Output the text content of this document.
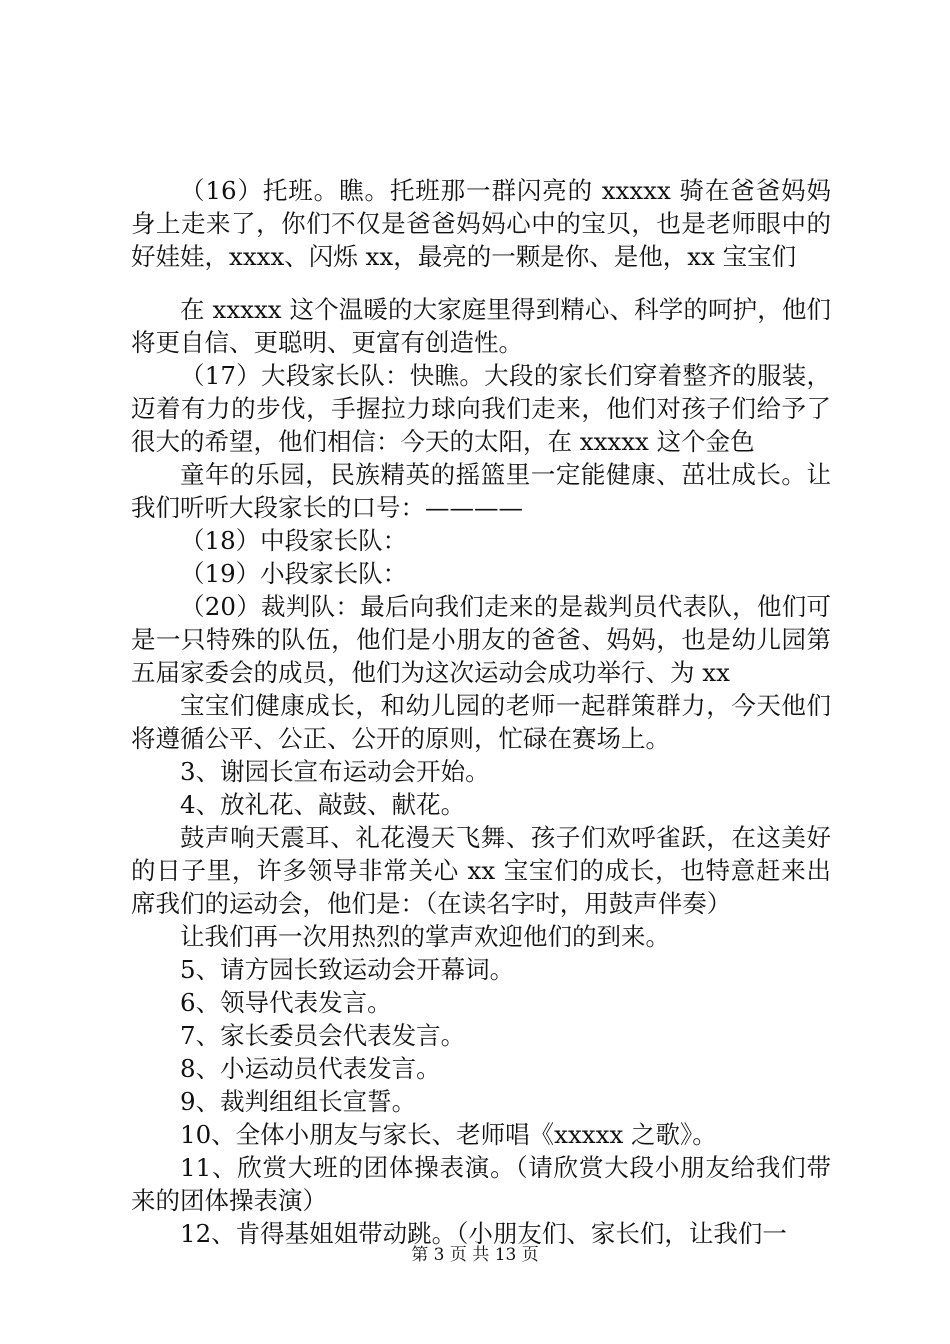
（16）托班。瞧。托班那一群闪亮的 xxxxx 骑在爸爸妈妈身上走来了，你们不仅是爸爸妈妈心中的宝贝，也是老师眼中的好娃娃，xxxx、闪烁 xx，最亮的一颗是你、是他，xx 宝宝们

在 xxxxx 这个温暖的大家庭里得到精心、科学的呵护，他们将更自信、更聪明、更富有创造性。

（17）大段家长队：快瞧。大段的家长们穿着整齐的服装，迈着有力的步伐，手握拉力球向我们走来，他们对孩子们给予了很大的希望，他们相信：今天的太阳，在 xxxxx 这个金色

童年的乐园，民族精英的摇篮里一定能健康、茁壮成长。让我们听听大段家长的口号：————

（18）中段家长队：

（19）小段家长队：

（20）裁判队：最后向我们走来的是裁判员代表队，他们可是一只特殊的队伍，他们是小朋友的爸爸、妈妈，也是幼儿园第五届家委会的成员，他们为这次运动会成功举行、为 xx

宝宝们健康成长，和幼儿园的老师一起群策群力，今天他们将遵循公平、公正、公开的原则，忙碌在赛场上。

3、谢园长宣布运动会开始。

4、放礼花、敲鼓、献花。

鼓声响天震耳、礼花漫天飞舞、孩子们欢呼雀跃，在这美好的日子里，许多领导非常关心 xx 宝宝们的成长，也特意赶来出席我们的运动会，他们是：（在读名字时，用鼓声伴奏）

让我们再一次用热烈的掌声欢迎他们的到来。

5、请方园长致运动会开幕词。

6、领导代表发言。

7、家长委员会代表发言。

8、小运动员代表发言。

9、裁判组组长宣誓。

10、全体小朋友与家长、老师唱《xxxxx 之歌》。

11、欣赏大班的团体操表演。（请欣赏大段小朋友给我们带来的团体操表演）

12、肯得基姐姐带动跳。（小朋友们、家长们，让我们一

第 3 页 共 13 页
